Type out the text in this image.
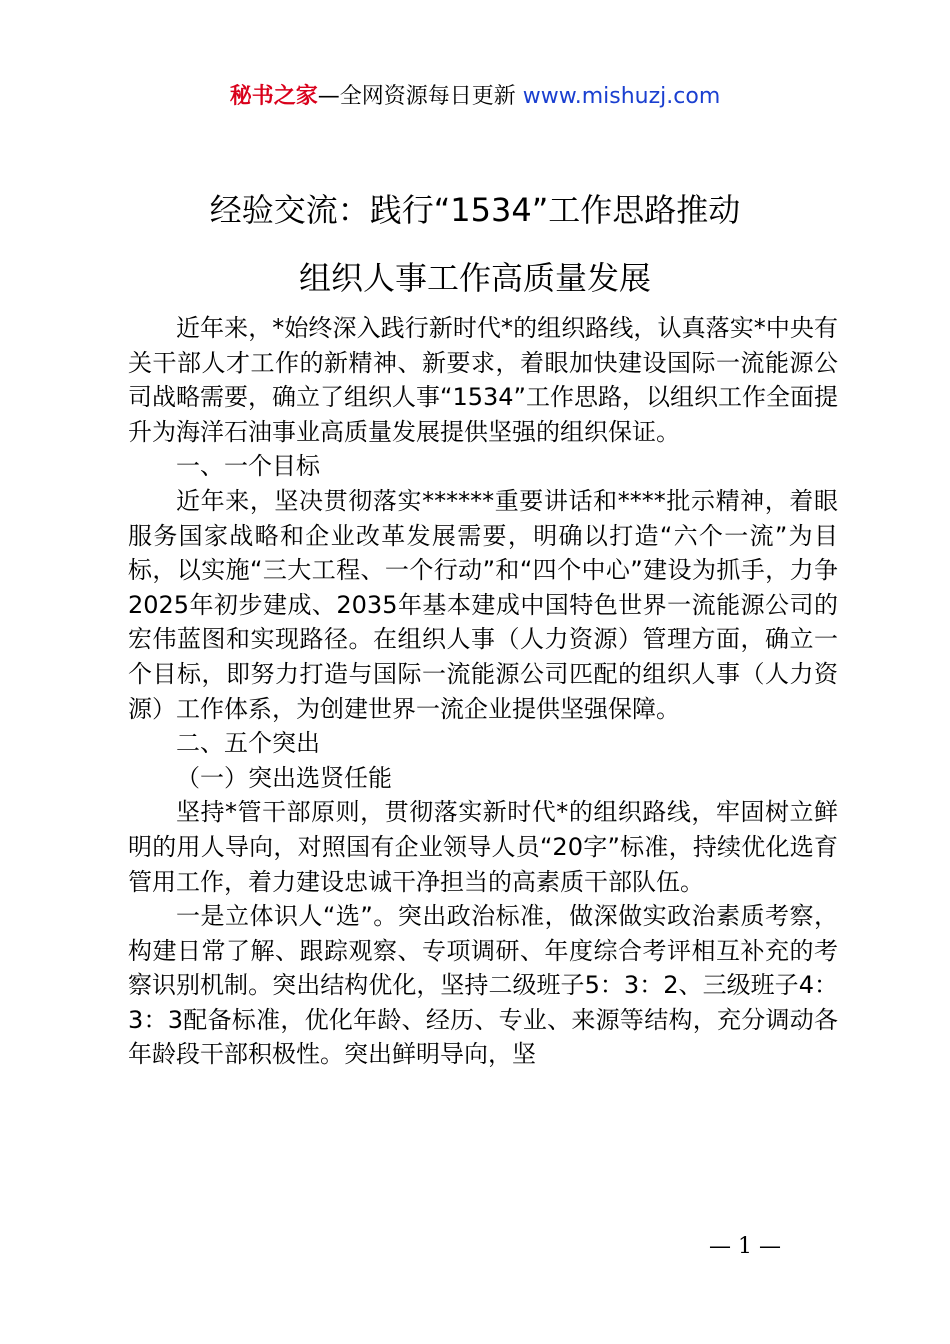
秘书之家—全网资源每日更新 www.mishuzj.com
经验交流：践行“1534”工作思路推动
组织人事工作高质量发展

近年来，*始终深入践行新时代*的组织路线，认真落实*中央有关干部人才工作的新精神、新要求，着眼加快建设国际一流能源公司战略需要，确立了组织人事“1534”工作思路，以组织工作全面提升为海洋石油事业高质量发展提供坚强的组织保证。

一、一个目标

近年来，坚决贯彻落实******重要讲话和****批示精神，着眼服务国家战略和企业改革发展需要，明确以打造“六个一流”为目标，以实施“三大工程、一个行动”和“四个中心”建设为抓手，力争2025年初步建成、2035年基本建成中国特色世界一流能源公司的宏伟蓝图和实现路径。在组织人事（人力资源）管理方面，确立一个目标，即努力打造与国际一流能源公司匹配的组织人事（人力资源）工作体系，为创建世界一流企业提供坚强保障。

二、五个突出

（一）突出选贤任能

坚持*管干部原则，贯彻落实新时代*的组织路线，牢固树立鲜明的用人导向，对照国有企业领导人员“20字”标准，持续优化选育管用工作，着力建设忠诚干净担当的高素质干部队伍。

一是立体识人“选”。突出政治标准，做深做实政治素质考察，构建日常了解、跟踪观察、专项调研、年度综合考评相互补充的考察识别机制。突出结构优化，坚持二级班子5：3：2、三级班子4：3：3配备标准，优化年龄、经历、专业、来源等结构，充分调动各年龄段干部积极性。突出鲜明导向，坚

— 1 —
